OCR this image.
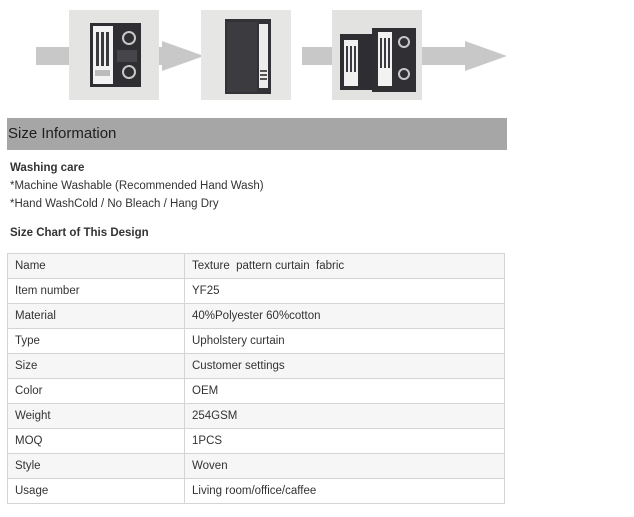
Size Information
Washing care
*Machine Washable (Recommended Hand Wash)
*Hand WashCold / No Bleach / Hang Dry
Size Chart of This Design
Name	Texture  pattern curtain  fabric
Item number	YF25
Material	40%Polyester 60%cotton
Type	Upholstery curtain
Size	Customer settings
Color	OEM
Weight	254GSM
MOQ	1PCS
Style	Woven
Usage	Living room/office/caffee
